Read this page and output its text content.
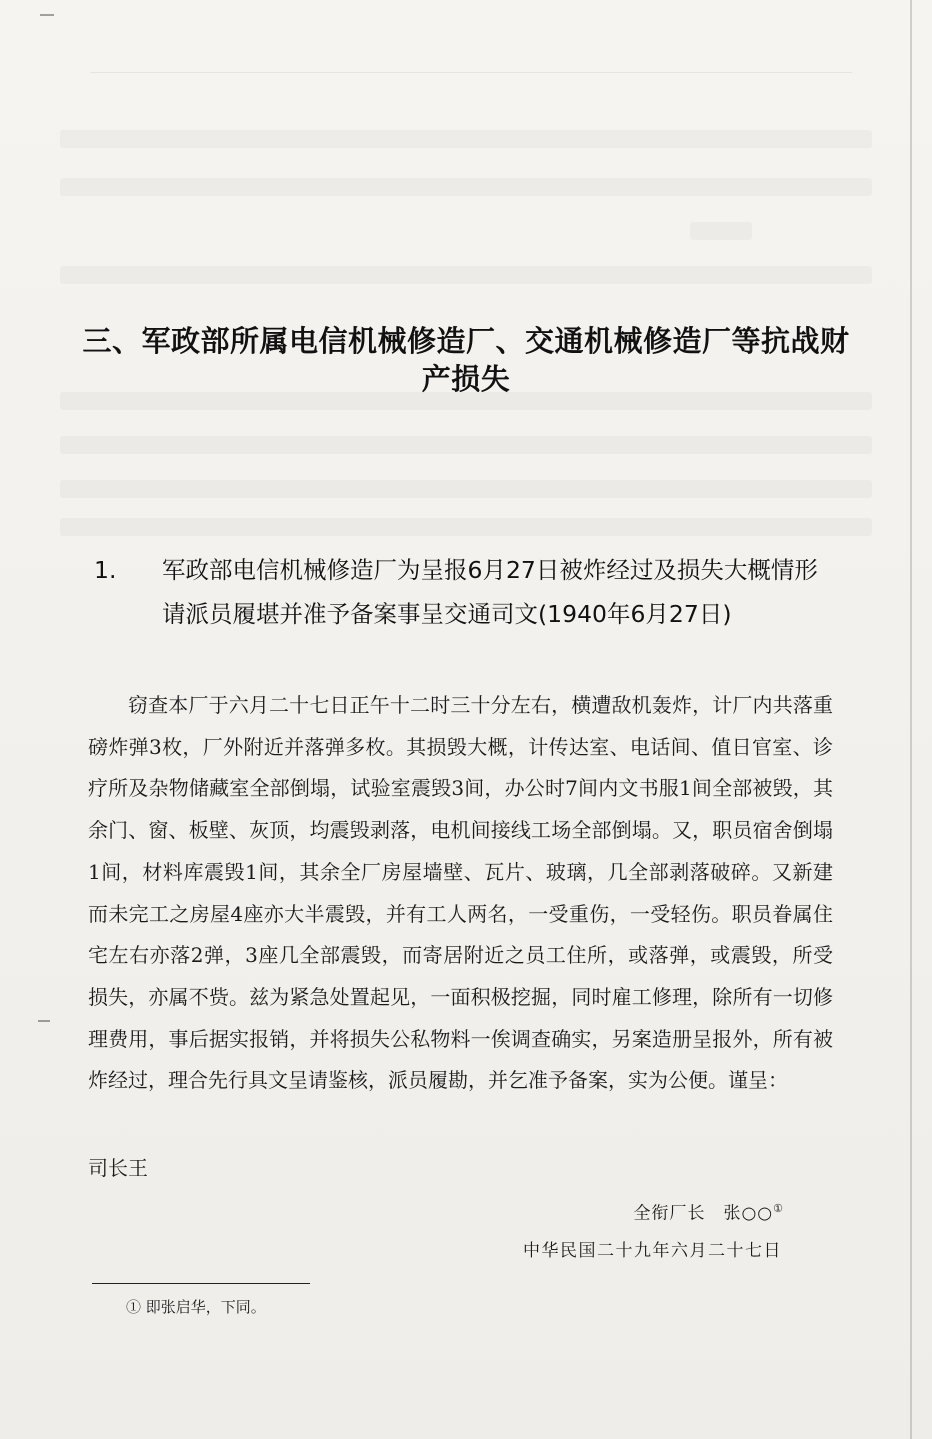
三、军政部所属电信机械修造厂、交通机械修造厂等抗战财产损失
1. 军政部电信机械修造厂为呈报6月27日被炸经过及损失大概情形请派员履堪并准予备案事呈交通司文(1940年6月27日)
窃查本厂于六月二十七日正午十二时三十分左右，横遭敌机轰炸，计厂内共落重磅炸弹3枚，厂外附近并落弹多枚。其损毁大概，计传达室、电话间、值日官室、诊疗所及杂物储藏室全部倒塌，试验室震毁3间，办公时7间内文书服1间全部被毁，其余门、窗、板壁、灰顶，均震毁剥落，电机间接线工场全部倒塌。又，职员宿舍倒塌1间，材料库震毁1间，其余全厂房屋墙壁、瓦片、玻璃，几全部剥落破碎。又新建而未完工之房屋4座亦大半震毁，并有工人两名，一受重伤，一受轻伤。职员眷属住宅左右亦落2弹，3座几全部震毁，而寄居附近之员工住所，或落弹，或震毁，所受损失，亦属不赀。兹为紧急处置起见，一面积极挖掘，同时雇工修理，除所有一切修理费用，事后据实报销，并将损失公私物料一俟调查确实，另案造册呈报外，所有被炸经过，理合先行具文呈请鉴核，派员履勘，并乞准予备案，实为公便。谨呈：
司长王
全衔厂长　张○○①
中华民国二十九年六月二十七日
① 即张启华，下同。
